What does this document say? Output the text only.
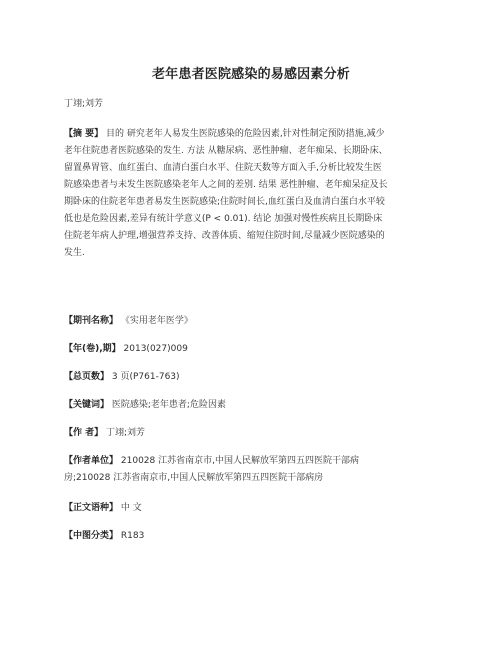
老年患者医院感染的易感因素分析
丁翊;刘芳
【摘 要】 目的 研究老年人易发生医院感染的危险因素,针对性制定预防措施,减少
老年住院患者医院感染的发生. 方法 从糖尿病、恶性肿瘤、老年痴呆、长期卧床、
留置鼻胃管、血红蛋白、血清白蛋白水平、住院天数等方面入手,分析比较发生医
院感染患者与未发生医院感染老年人之间的差别. 结果 恶性肿瘤、老年痴呆症及长
期卧床的住院老年患者易发生医院感染;住院时间长,血红蛋白及血清白蛋白水平较
低也是危险因素,差异有统计学意义(P < 0.01). 结论 加强对慢性疾病且长期卧床
住院老年病人护理,增强营养支持、改善体质、缩短住院时间,尽量减少医院感染的
发生.
【期刊名称】 《实用老年医学》
【年(卷),期】 2013(027)009
【总页数】 3 页(P761-763)
【关键词】 医院感染;老年患者;危险因素
【作 者】 丁翊;刘芳
【作者单位】 210028 江苏省南京市,中国人民解放军第四五四医院干部病
房;210028 江苏省南京市,中国人民解放军第四五四医院干部病房
【正文语种】 中 文
【中图分类】 R183
